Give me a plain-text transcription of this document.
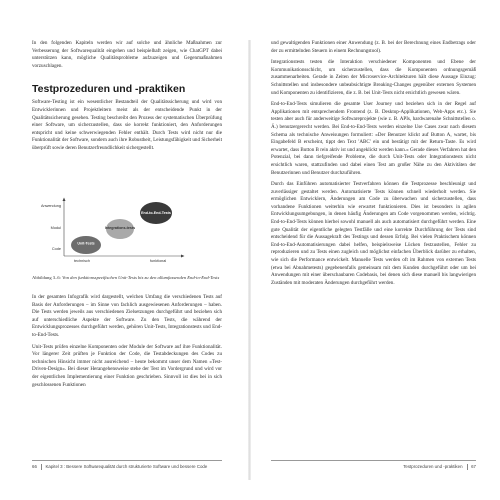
In den folgenden Kapiteln werden wir auf solche und ähnliche Maßnahmen zur Verbesserung der Softwarequalität eingehen und beispielhaft zeigen, wie ChatGPT dabei unterstützen kann, mögliche Qualitätsprobleme aufzuzeigen und Gegenmaßnahmen vorzuschlagen.

Testprozeduren und -praktiken

Software-Testing ist ein wesentlicher Bestandteil der Qualitätssicherung und wird von Entwicklerinnen und Projektleitern meist als der entscheidende Punkt in der Qualitätssicherung gesehen. Testing beschreibt den Prozess der systematischen Überprüfung einer Software, um sicherzustellen, dass sie korrekt funktioniert, den Anforderungen entspricht und keine schwerwiegenden Fehler enthält. Durch Tests wird nicht nur die Funktionalität der Software, sondern auch ihre Robustheit, Leistungsfähigkeit und Sicherheit überprüft sowie deren Benutzerfreundlichkeit sichergestellt.

Anwendung
Modul
Code
technisch	funktional
Unit-Tests
Integrations-tests
End-to-End-Tests
Abbildung 3–6: Von den funktionsspezifischen Unit-Tests bis zu den allumfassenden End-to-End-Tests

In der gesamten Infografik wird dargestellt, welchen Umfang die verschiedenen Tests auf Basis der Anforderungen – im Sinne von fachlich ausgewiesenen Anforderungen – haben. Die Tests werden jeweils aus verschiedenen Zielsetzungen durchgeführt und beziehen sich auf unterschiedliche Aspekte der Software. Zu den Tests, die während der Entwicklungsprozesses durchgeführt werden, gehören Unit-Tests, Integrationstests und End-to-End-Tests.

Unit-Tests prüfen einzelne Komponenten oder Module der Software auf ihre Funktionalität. Vor längerer Zeit prüften je Funktion der Code, die Testabdeckungen des Codes zu technischen Hinsicht immer nicht ausreichend – heute bekommt unser dem Namen »Test-Driven-Design«. Bei dieser Herangehensweise stehe der Test im Vordergrund und wird vor der eigentlichen Implementierung einer Funktion geschrieben. Sinnvoll ist dies bei in sich geschlossenen Funktionen

66 Kapitel 3 : Bessere Softwarequalität durch strukturierte Software und bessere Code

und gewaltigenden Funktionen einer Anwendung (z. B. bei der Berechnung eines Endbetrags oder der zu ermittelnden Steuern in einem Rechnungstool).

Integrationstests testen die Interaktion verschiedener Komponenten und Ebene der Kommunikationsschicht, um sicherzustellen, dass die Komponenten ordnungsgemäß zusammenarbeiten. Gerade in Zeiten der Microservice-Architekturen hält diese Aussage Einzug: Schnittstellen und insbesondere unbeabsichtigte Breaking-Changes gegenüber externen Systemen und Komponenten zu identifizieren, die z. B. bei Unit-Tests nicht ersichtlich gewesen wären.

End-to-End-Tests simulieren die gesamte User Journey und beziehen sich in der Regel auf Applikationen mit entsprechendem Frontend (z. B. Desktop-Applikationen, Web-Apps etc.). Sie testen aber auch für anderweitige Softwareprojekte (wie z. B. APIs, hardwarenahe Schnittstellen o. Ä.) benutzergerecht werden. Bei End-to-End-Tests werden einzelne Use Cases zwar nach diesem Schema als technische Anweisungen formuliert: »Der Benutzer klickt auf Button A, wartet, bis Eingabefeld B erscheint, tippt den Text 'ABC' ein und bestätigt mit der Return-Taste. Es wird erwartet, dass Button B rein aktiv ist und angeklickt werden kann.« Gerade dieses Verfahren hat den Potenzial, bei dann tiefgreifende Probleme, die durch Unit-Tests oder Integrationstests nicht ersichtlich waren, stattzufinden und dabei einen Test am großer Nähe zu den Aktivitäten der Benutzerinnen und Benutzer durchzuführen.

Durch das Einführen automatisierter Testverfahren können die Testprozesse beschleunigt und zuverlässiger gestaltet werden. Automatisierte Tests können schnell wiederholt werden. Sie ermöglichen Entwicklern, Änderungen am Code zu überwachen und sicherzustellen, dass vorhandene Funktionen weiterhin wie erwartet funktionieren. Dies ist besonders in agilen Entwicklungsumgebungen, in denen häufig Änderungen am Code vorgenommen werden, wichtig. End-to-End-Tests können hierbei sowohl manuell als auch automatisiert durchgeführt werden. Eine gute Qualität der eigentliche gelegten Testfälle und eine korrekte Durchführung der Tests sind entscheidend für die Aussagekraft des Testings und dessen Erfolg. Bei vielen Praktischem können End-to-End-Automatisierungen dabei helfen, beispielsweise Lücken festzustellen, Fehler zu reproduzieren und zu Tests einen zugleich und möglichst einfachen Überblick darüber zu erhalten, wie sich die Performance entwickelt. Manuelle Tests werden oft im Rahmen von externen Tests (etwa bei Abnahmetests) gegebenenfalls gemeinsam mit dem Kunden durchgeführt oder um bei Anwendungen mit einer überschaubaren Codebasis, bei denen sich diese manuell bis langwierigen Zuständen mit moderaten Änderungen durchgeführt werden.

Testprozeduren und -praktiken 67
